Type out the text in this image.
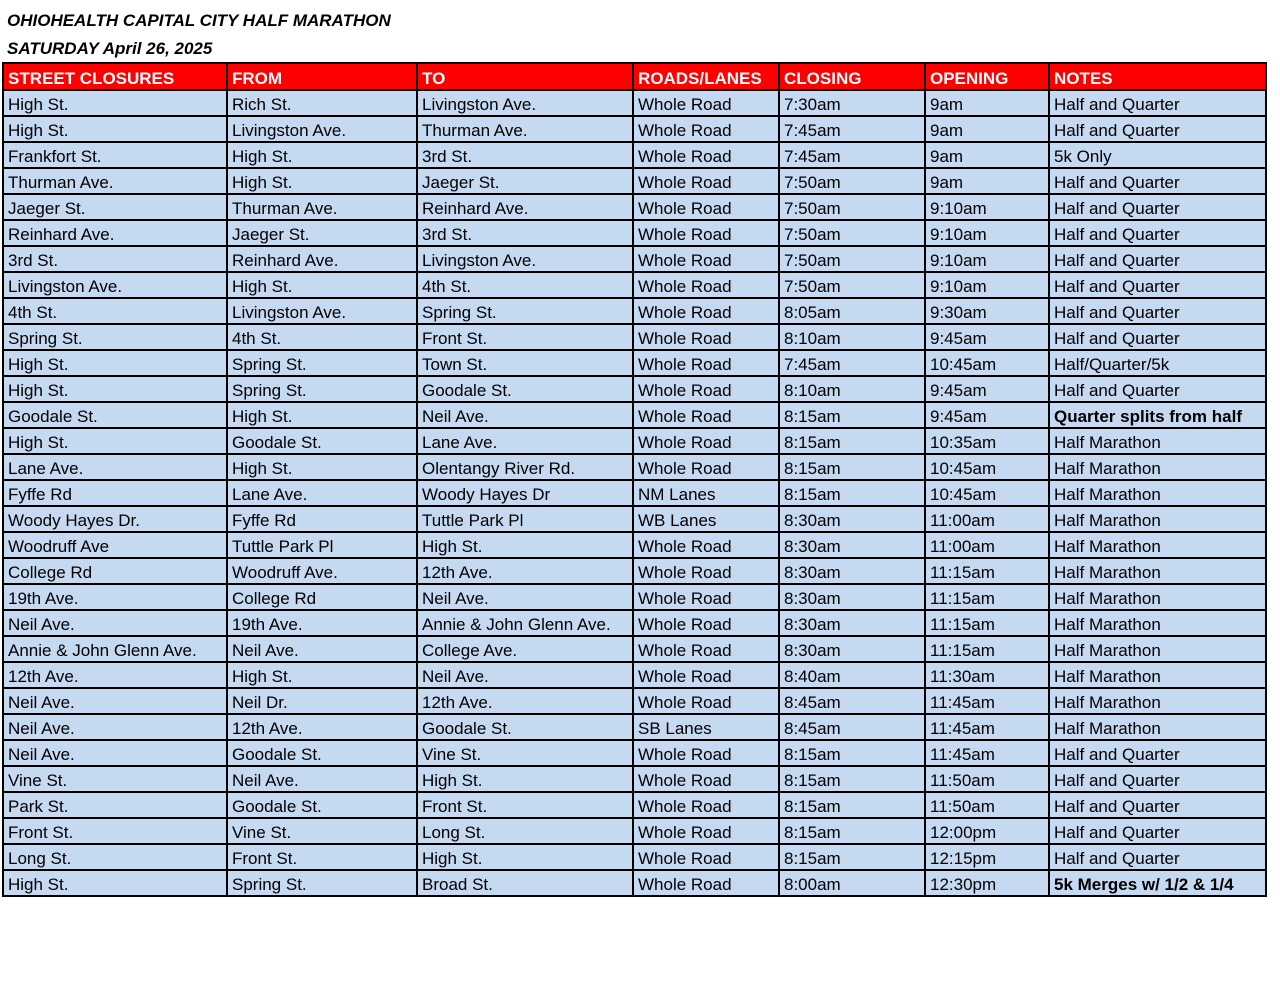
OHIOHEALTH CAPITAL CITY HALF MARATHON
SATURDAY April 26, 2025
STREET CLOSURES	FROM	TO	ROADS/LANES	CLOSING	OPENING	NOTES
High St.	Rich St.	Livingston Ave.	Whole Road	7:30am	9am	Half and Quarter
High St.	Livingston Ave.	Thurman Ave.	Whole Road	7:45am	9am	Half and Quarter
Frankfort St.	High St.	3rd St.	Whole Road	7:45am	9am	5k Only
Thurman Ave.	High St.	Jaeger St.	Whole Road	7:50am	9am	Half and Quarter
Jaeger St.	Thurman Ave.	Reinhard Ave.	Whole Road	7:50am	9:10am	Half and Quarter
Reinhard Ave.	Jaeger St.	3rd St.	Whole Road	7:50am	9:10am	Half and Quarter
3rd St.	Reinhard Ave.	Livingston Ave.	Whole Road	7:50am	9:10am	Half and Quarter
Livingston Ave.	High St.	4th St.	Whole Road	7:50am	9:10am	Half and Quarter
4th St.	Livingston Ave.	Spring St.	Whole Road	8:05am	9:30am	Half and Quarter
Spring St.	4th St.	Front St.	Whole Road	8:10am	9:45am	Half and Quarter
High St.	Spring St.	Town St.	Whole Road	7:45am	10:45am	Half/Quarter/5k
High St.	Spring St.	Goodale St.	Whole Road	8:10am	9:45am	Half and Quarter
Goodale St.	High St.	Neil Ave.	Whole Road	8:15am	9:45am	Quarter splits from half
High St.	Goodale St.	Lane Ave.	Whole Road	8:15am	10:35am	Half Marathon
Lane Ave.	High St.	Olentangy River Rd.	Whole Road	8:15am	10:45am	Half Marathon
Fyffe Rd	Lane Ave.	Woody Hayes Dr	NM Lanes	8:15am	10:45am	Half Marathon
Woody Hayes Dr.	Fyffe Rd	Tuttle Park Pl	WB Lanes	8:30am	11:00am	Half Marathon
Woodruff Ave	Tuttle Park Pl	High St.	Whole Road	8:30am	11:00am	Half Marathon
College Rd	Woodruff Ave.	12th Ave.	Whole Road	8:30am	11:15am	Half Marathon
19th Ave.	College Rd	Neil Ave.	Whole Road	8:30am	11:15am	Half Marathon
Neil Ave.	19th Ave.	Annie & John Glenn Ave.	Whole Road	8:30am	11:15am	Half Marathon
Annie & John Glenn Ave.	Neil Ave.	College Ave.	Whole Road	8:30am	11:15am	Half Marathon
12th Ave.	High St.	Neil Ave.	Whole Road	8:40am	11:30am	Half Marathon
Neil Ave.	Neil Dr.	12th Ave.	Whole Road	8:45am	11:45am	Half Marathon
Neil Ave.	12th Ave.	Goodale St.	SB Lanes	8:45am	11:45am	Half Marathon
Neil Ave.	Goodale St.	Vine St.	Whole Road	8:15am	11:45am	Half and Quarter
Vine St.	Neil Ave.	High St.	Whole Road	8:15am	11:50am	Half and Quarter
Park St.	Goodale St.	Front St.	Whole Road	8:15am	11:50am	Half and Quarter
Front St.	Vine St.	Long St.	Whole Road	8:15am	12:00pm	Half and Quarter
Long St.	Front St.	High St.	Whole Road	8:15am	12:15pm	Half and Quarter
High St.	Spring St.	Broad St.	Whole Road	8:00am	12:30pm	5k Merges w/ 1/2 & 1/4
